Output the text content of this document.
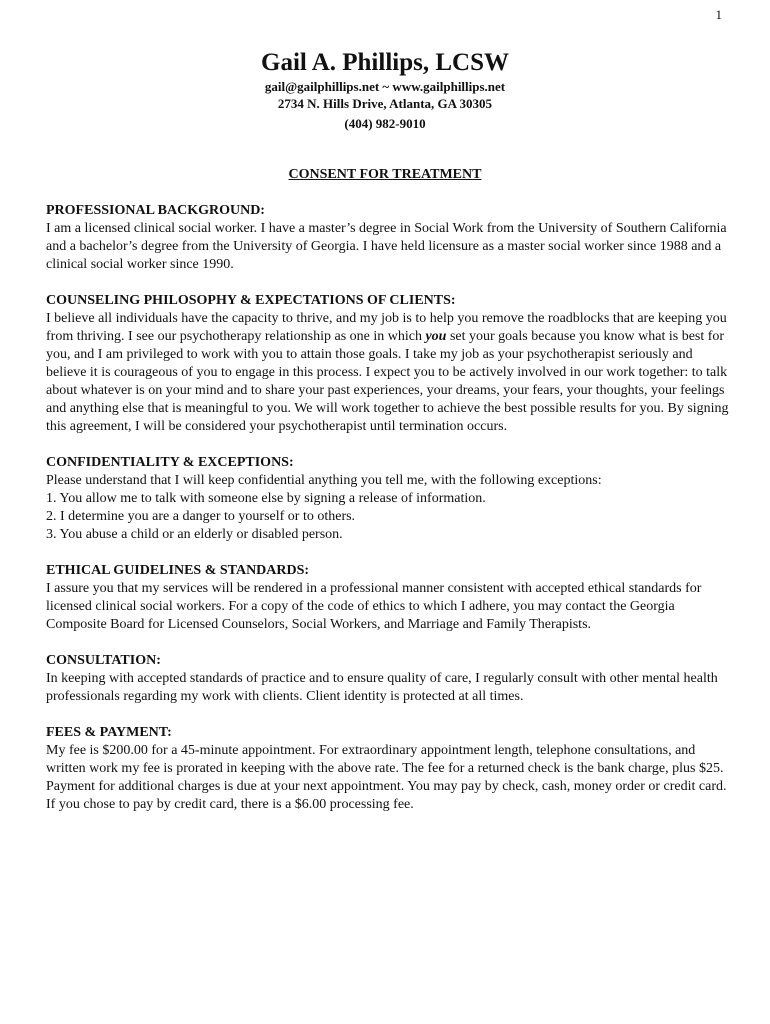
1
Gail A. Phillips, LCSW
gail@gailphillips.net ~ www.gailphillips.net
2734 N. Hills Drive, Atlanta, GA 30305
(404) 982-9010
CONSENT FOR TREATMENT
PROFESSIONAL BACKGROUND:
I am a licensed clinical social worker. I have a master’s degree in Social Work from the University of Southern California and a bachelor’s degree from the University of Georgia. I have held licensure as a master social worker since 1988 and a clinical social worker since 1990.
COUNSELING PHILOSOPHY & EXPECTATIONS OF CLIENTS:
I believe all individuals have the capacity to thrive, and my job is to help you remove the roadblocks that are keeping you from thriving. I see our psychotherapy relationship as one in which you set your goals because you know what is best for you, and I am privileged to work with you to attain those goals. I take my job as your psychotherapist seriously and believe it is courageous of you to engage in this process. I expect you to be actively involved in our work together: to talk about whatever is on your mind and to share your past experiences, your dreams, your fears, your thoughts, your feelings and anything else that is meaningful to you. We will work together to achieve the best possible results for you. By signing this agreement, I will be considered your psychotherapist until termination occurs.
CONFIDENTIALITY & EXCEPTIONS:
Please understand that I will keep confidential anything you tell me, with the following exceptions:
1. You allow me to talk with someone else by signing a release of information.
2. I determine you are a danger to yourself or to others.
3. You abuse a child or an elderly or disabled person.
ETHICAL GUIDELINES & STANDARDS:
I assure you that my services will be rendered in a professional manner consistent with accepted ethical standards for licensed clinical social workers. For a copy of the code of ethics to which I adhere, you may contact the Georgia Composite Board for Licensed Counselors, Social Workers, and Marriage and Family Therapists.
CONSULTATION:
In keeping with accepted standards of practice and to ensure quality of care, I regularly consult with other mental health professionals regarding my work with clients. Client identity is protected at all times.
FEES & PAYMENT:
My fee is $200.00 for a 45-minute appointment. For extraordinary appointment length, telephone consultations, and written work my fee is prorated in keeping with the above rate. The fee for a returned check is the bank charge, plus $25. Payment for additional charges is due at your next appointment. You may pay by check, cash, money order or credit card. If you chose to pay by credit card, there is a $6.00 processing fee.
